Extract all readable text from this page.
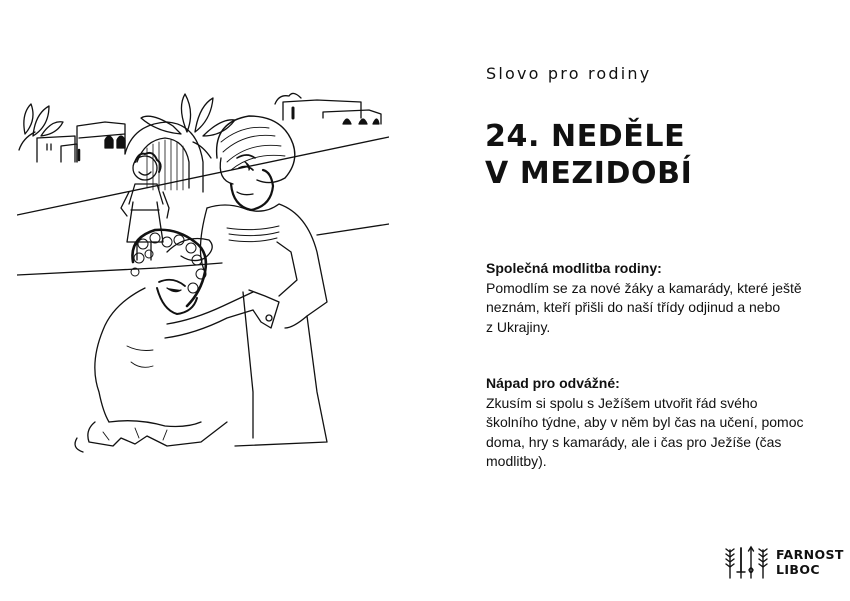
Slovo pro rodiny
24. NEDĚLE
V MEZIDOBÍ
Společná modlitba rodiny:
Pomodlím se za nové žáky a kamarády, které ještě
neznám, kteří přišli do naší třídy odjinud a nebo
z Ukrajiny.
Nápad pro odvážné:
Zkusím si spolu s Ježíšem utvořit řád svého
školního týdne, aby v něm byl čas na učení, pomoc
doma, hry s kamarády, ale i čas pro Ježíše (čas
modlitby).
FARNOST
LIBOC
